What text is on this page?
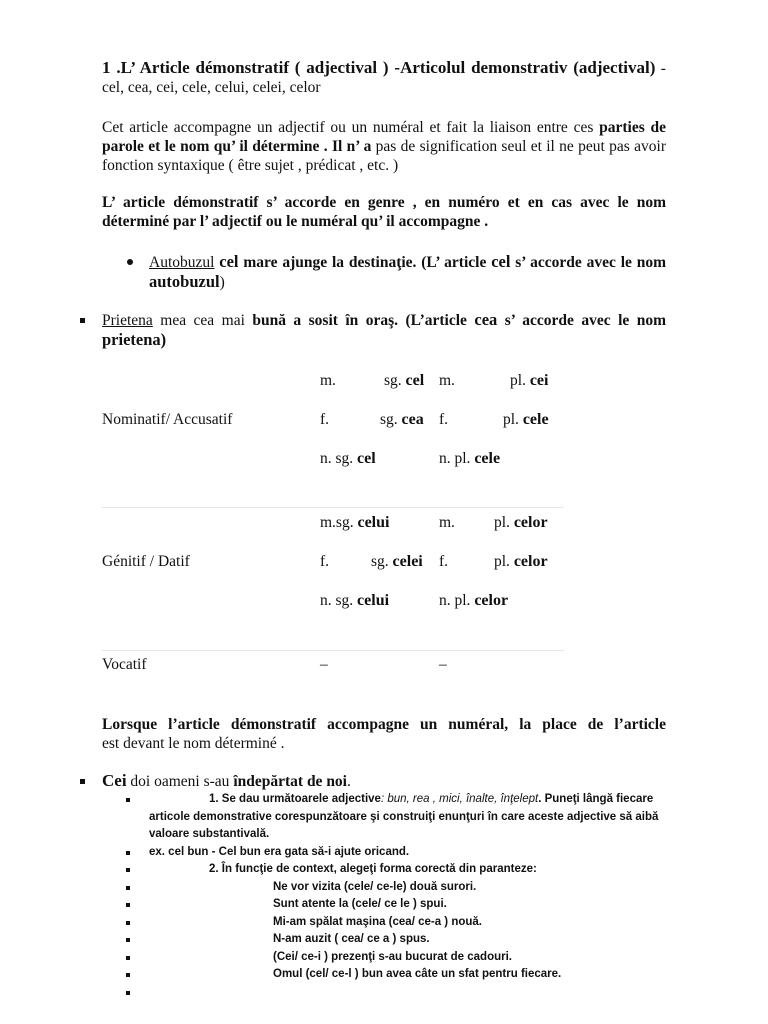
1 .L’ Article démonstratif ( adjectival ) -Articolul demonstrativ (adjectival) - cel, cea, cei, cele, celui, celei, celor
Cet article accompagne un adjectif ou un numéral et fait la liaison entre ces parties de parole et le nom qu’ il détermine . Il n’ a pas de signification seul et il ne peut pas avoir fonction syntaxique ( être sujet , prédicat , etc. )
L’ article démonstratif s’ accorde en genre , en numéro et en cas avec le nom déterminé par l’ adjectif ou le numéral qu’ il accompagne .
Autobuzul cel mare ajunge la destinaţie. (L’ article cel s’ accorde avec le nom autobuzul)
Prietena mea cea mai bună a sosit în oraş. (L’article cea s’ accorde avec le nom prietena)
Nominatif/ Accusatif
m.	sg. cel m.	pl. cei
f.	sg. cea f.	pl. cele
n. sg. cel	n. pl. cele
Génitif / Datif
m.sg. celui	m.	pl. celor
f.	sg. celei f.	pl. celor
n. sg. celui	n. pl. celor
Vocatif	–	–
Lorsque l’article démonstratif accompagne un numéral, la place de l’article
est devant le nom déterminé .
Cei doi oameni s-au îndepărtat de noi.
1. Se dau următoarele adjective: bun, rea , mici, înalte, înţelept. Puneţi lângă fiecare articole demonstrative corespunzătoare şi construiţi enunţuri în care aceste adjective să aibă valoare substantivală.
ex. cel bun - Cel bun era gata să-i ajute oricand.
2. În funcţie de context, alegeţi forma corectă din paranteze:
Ne vor vizita (cele/ ce-le) două surori.
Sunt atente la (cele/ ce le ) spui.
Mi-am spălat maşina (cea/ ce-a ) nouă.
N-am auzit ( cea/ ce a ) spus.
(Cei/ ce-i ) prezenţi s-au bucurat de cadouri.
Omul (cel/ ce-l ) bun avea câte un sfat pentru fiecare.
